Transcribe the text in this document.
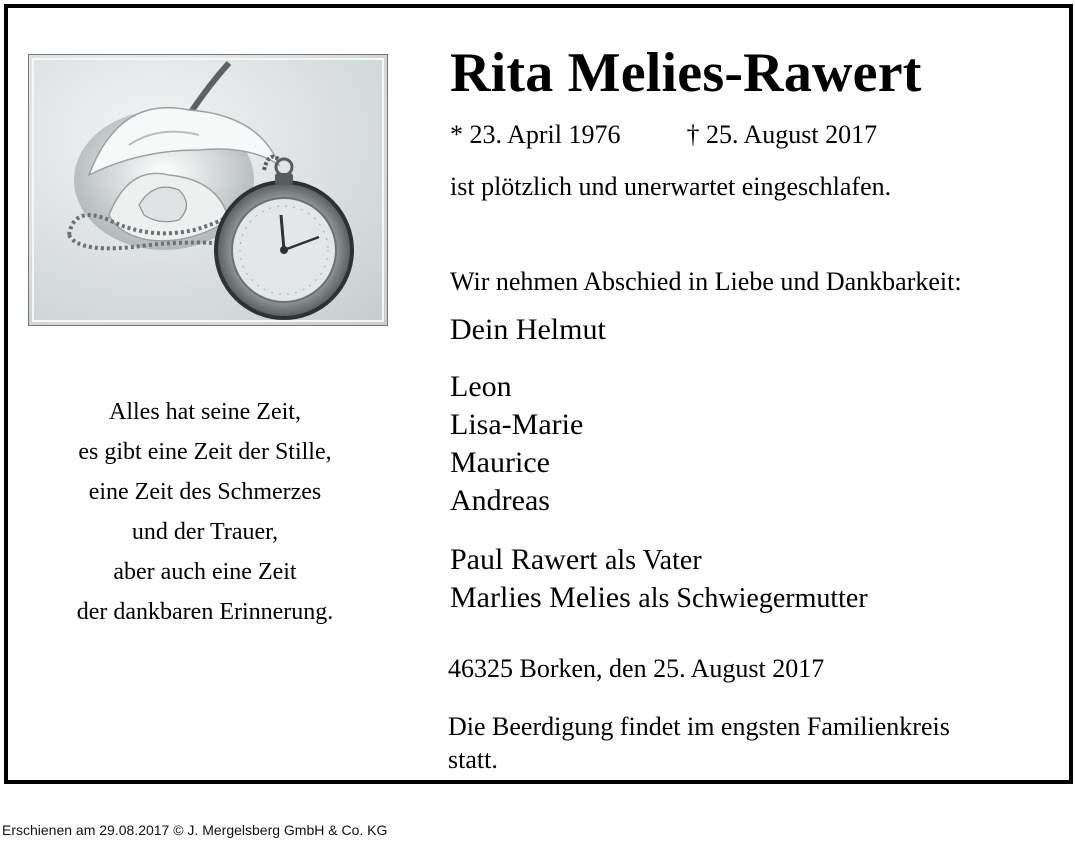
Alles hat seine Zeit,
es gibt eine Zeit der Stille,
eine Zeit des Schmerzes
und der Trauer,
aber auch eine Zeit
der dankbaren Erinnerung.
Rita Melies-Rawert
* 23. April 1976	† 25. August 2017
ist plötzlich und unerwartet eingeschlafen.
Wir nehmen Abschied in Liebe und Dankbarkeit:
Dein Helmut
Leon
Lisa-Marie
Maurice
Andreas
Paul Rawert als Vater
Marlies Melies als Schwiegermutter
46325 Borken, den 25. August 2017
Die Beerdigung findet im engsten Familienkreis
statt.
Erschienen am 29.08.2017 © J. Mergelsberg GmbH & Co. KG
